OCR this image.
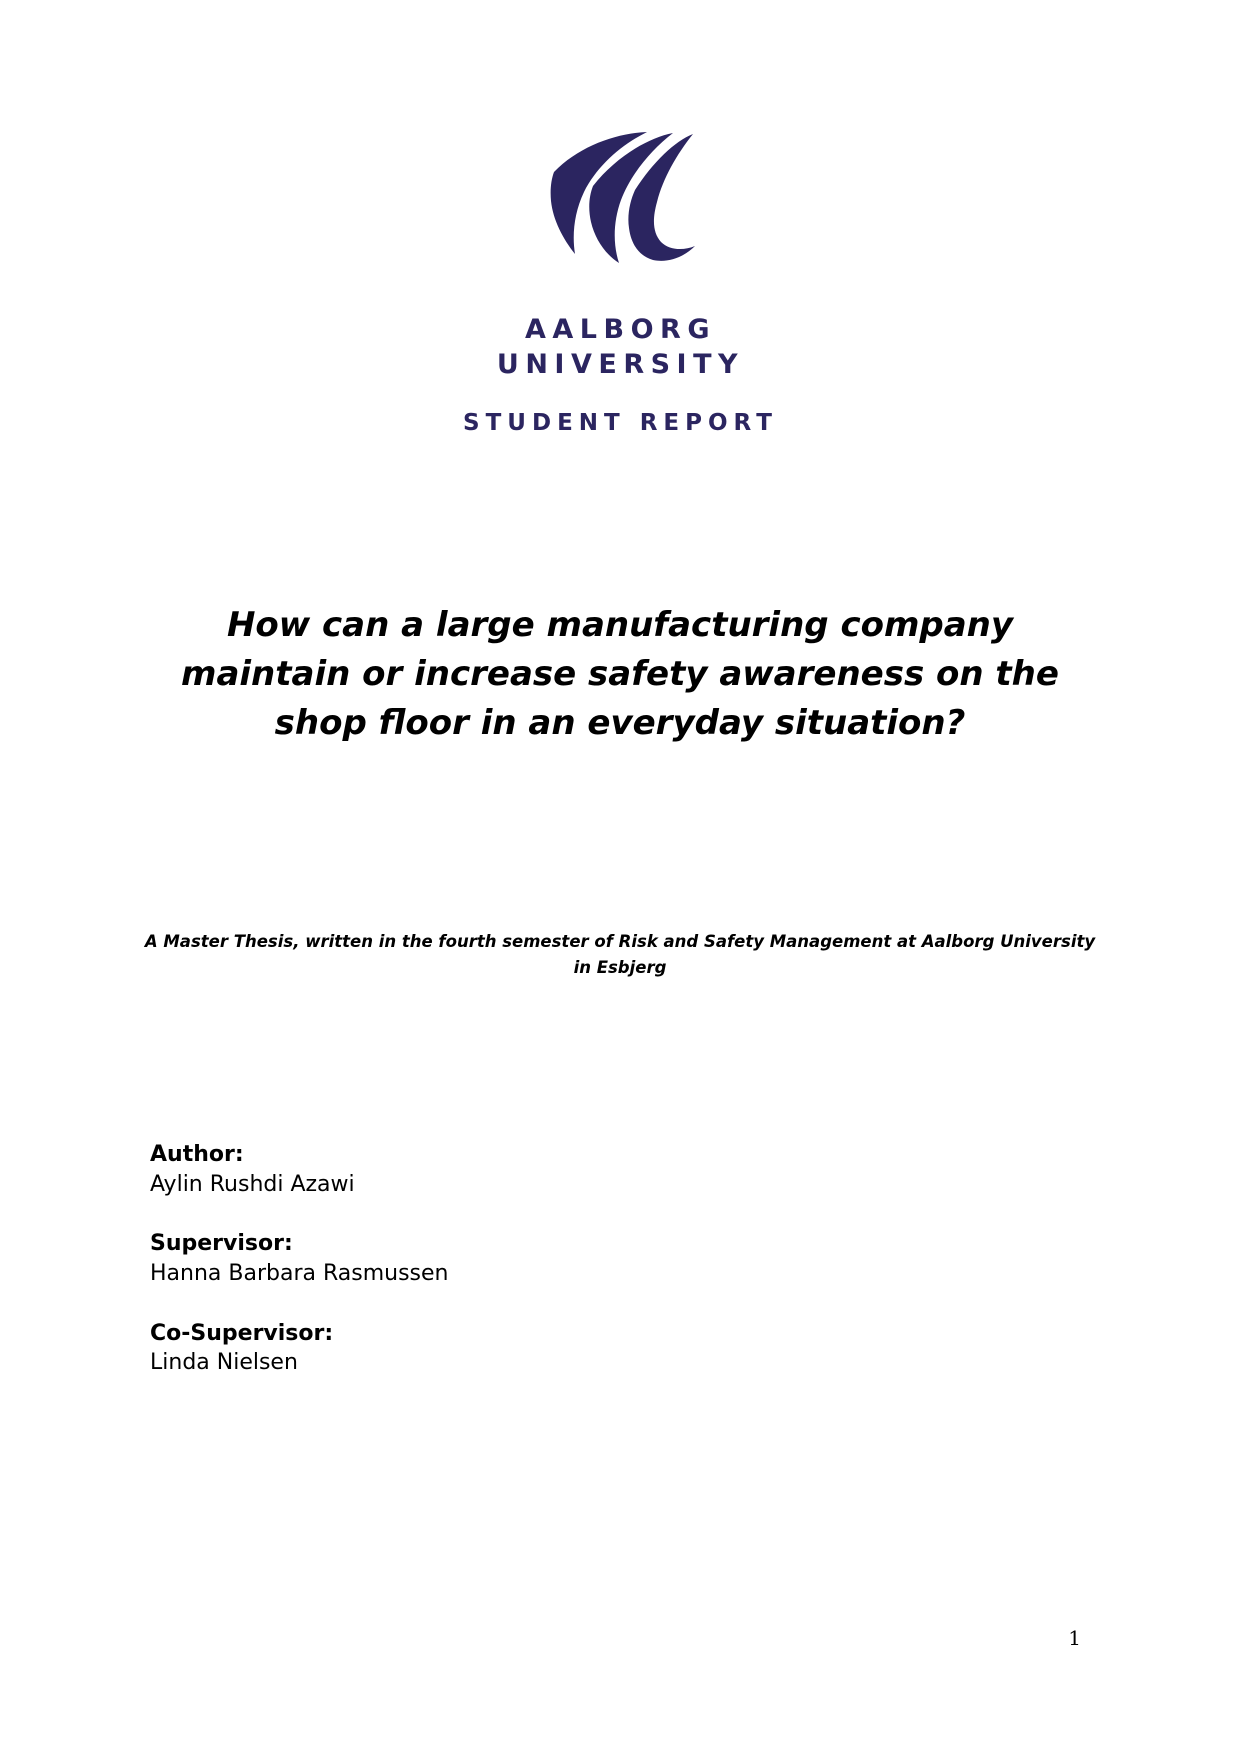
AALBORG
UNIVERSITY
STUDENT REPORT
How can a large manufacturing company maintain or increase safety awareness on the shop floor in an everyday situation?

A Master Thesis, written in the fourth semester of Risk and Safety Management at Aalborg University in Esbjerg

Author:
Aylin Rushdi Azawi
Supervisor:
Hanna Barbara Rasmussen
Co-Supervisor:
Linda Nielsen
1
